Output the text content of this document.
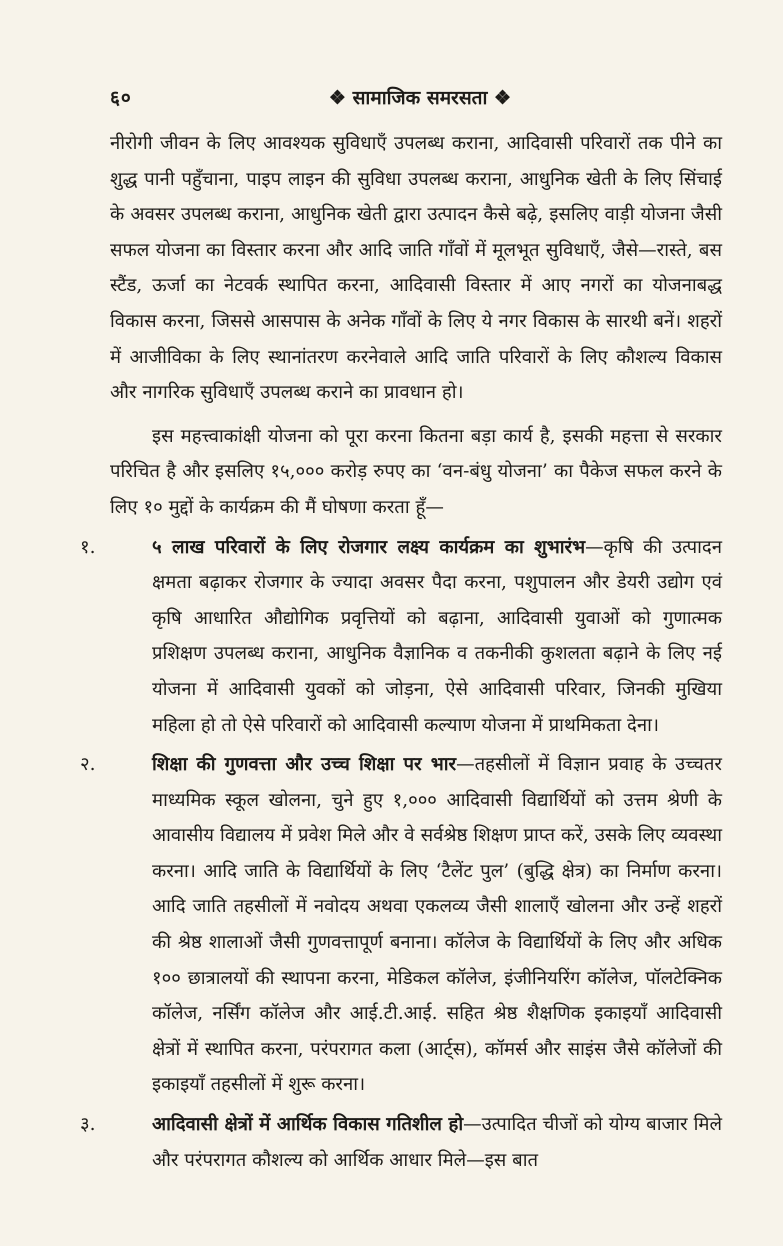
६०	❖ सामाजिक समरसता ❖

नीरोगी जीवन के लिए आवश्यक सुविधाएँ उपलब्ध कराना, आदिवासी परिवारों तक पीने का शुद्ध पानी पहुँचाना, पाइप लाइन की सुविधा उपलब्ध कराना, आधुनिक खेती के लिए सिंचाई के अवसर उपलब्ध कराना, आधुनिक खेती द्वारा उत्पादन कैसे बढ़े, इसलिए वाड़ी योजना जैसी सफल योजना का विस्तार करना और आदि जाति गाँवों में मूलभूत सुविधाएँ, जैसे—रास्ते, बस स्टैंड, ऊर्जा का नेटवर्क स्थापित करना, आदिवासी विस्तार में आए नगरों का योजनाबद्ध विकास करना, जिससे आसपास के अनेक गाँवों के लिए ये नगर विकास के सारथी बनें। शहरों में आजीविका के लिए स्थानांतरण करनेवाले आदि जाति परिवारों के लिए कौशल्य विकास और नागरिक सुविधाएँ उपलब्ध कराने का प्रावधान हो।

इस महत्त्वाकांक्षी योजना को पूरा करना कितना बड़ा कार्य है, इसकी महत्ता से सरकार परिचित है और इसलिए १५,००० करोड़ रुपए का ‘वन-बंधु योजना’ का पैकेज सफल करने के लिए १० मुद्दों के कार्यक्रम की मैं घोषणा करता हूँ—

१.	५ लाख परिवारों के लिए रोजगार लक्ष्य कार्यक्रम का शुभारंभ—कृषि की उत्पादन क्षमता बढ़ाकर रोजगार के ज्यादा अवसर पैदा करना, पशुपालन और डेयरी उद्योग एवं कृषि आधारित औद्योगिक प्रवृत्तियों को बढ़ाना, आदिवासी युवाओं को गुणात्मक प्रशिक्षण उपलब्ध कराना, आधुनिक वैज्ञानिक व तकनीकी कुशलता बढ़ाने के लिए नई योजना में आदिवासी युवकों को जोड़ना, ऐसे आदिवासी परिवार, जिनकी मुखिया महिला हो तो ऐसे परिवारों को आदिवासी कल्याण योजना में प्राथमिकता देना।
२.	शिक्षा की गुणवत्ता और उच्च शिक्षा पर भार—तहसीलों में विज्ञान प्रवाह के उच्चतर माध्यमिक स्कूल खोलना, चुने हुए १,००० आदिवासी विद्यार्थियों को उत्तम श्रेणी के आवासीय विद्यालय में प्रवेश मिले और वे सर्वश्रेष्ठ शिक्षण प्राप्त करें, उसके लिए व्यवस्था करना। आदि जाति के विद्यार्थियों के लिए ‘टैलेंट पुल’ (बुद्धि क्षेत्र) का निर्माण करना। आदि जाति तहसीलों में नवोदय अथवा एकलव्य जैसी शालाएँ खोलना और उन्हें शहरों की श्रेष्ठ शालाओं जैसी गुणवत्तापूर्ण बनाना। कॉलेज के विद्यार्थियों के लिए और अधिक १०० छात्रालयों की स्थापना करना, मेडिकल कॉलेज, इंजीनियरिंग कॉलेज, पॉलटेक्निक कॉलेज, नर्सिंग कॉलेज और आई.टी.आई. सहित श्रेष्ठ शैक्षणिक इकाइयाँ आदिवासी क्षेत्रों में स्थापित करना, परंपरागत कला (आर्ट्स), कॉमर्स और साइंस जैसे कॉलेजों की इकाइयाँ तहसीलों में शुरू करना।
३.	आदिवासी क्षेत्रों में आर्थिक विकास गतिशील हो—उत्पादित चीजों को योग्य बाजार मिले और परंपरागत कौशल्य को आर्थिक आधार मिले—इस बात
